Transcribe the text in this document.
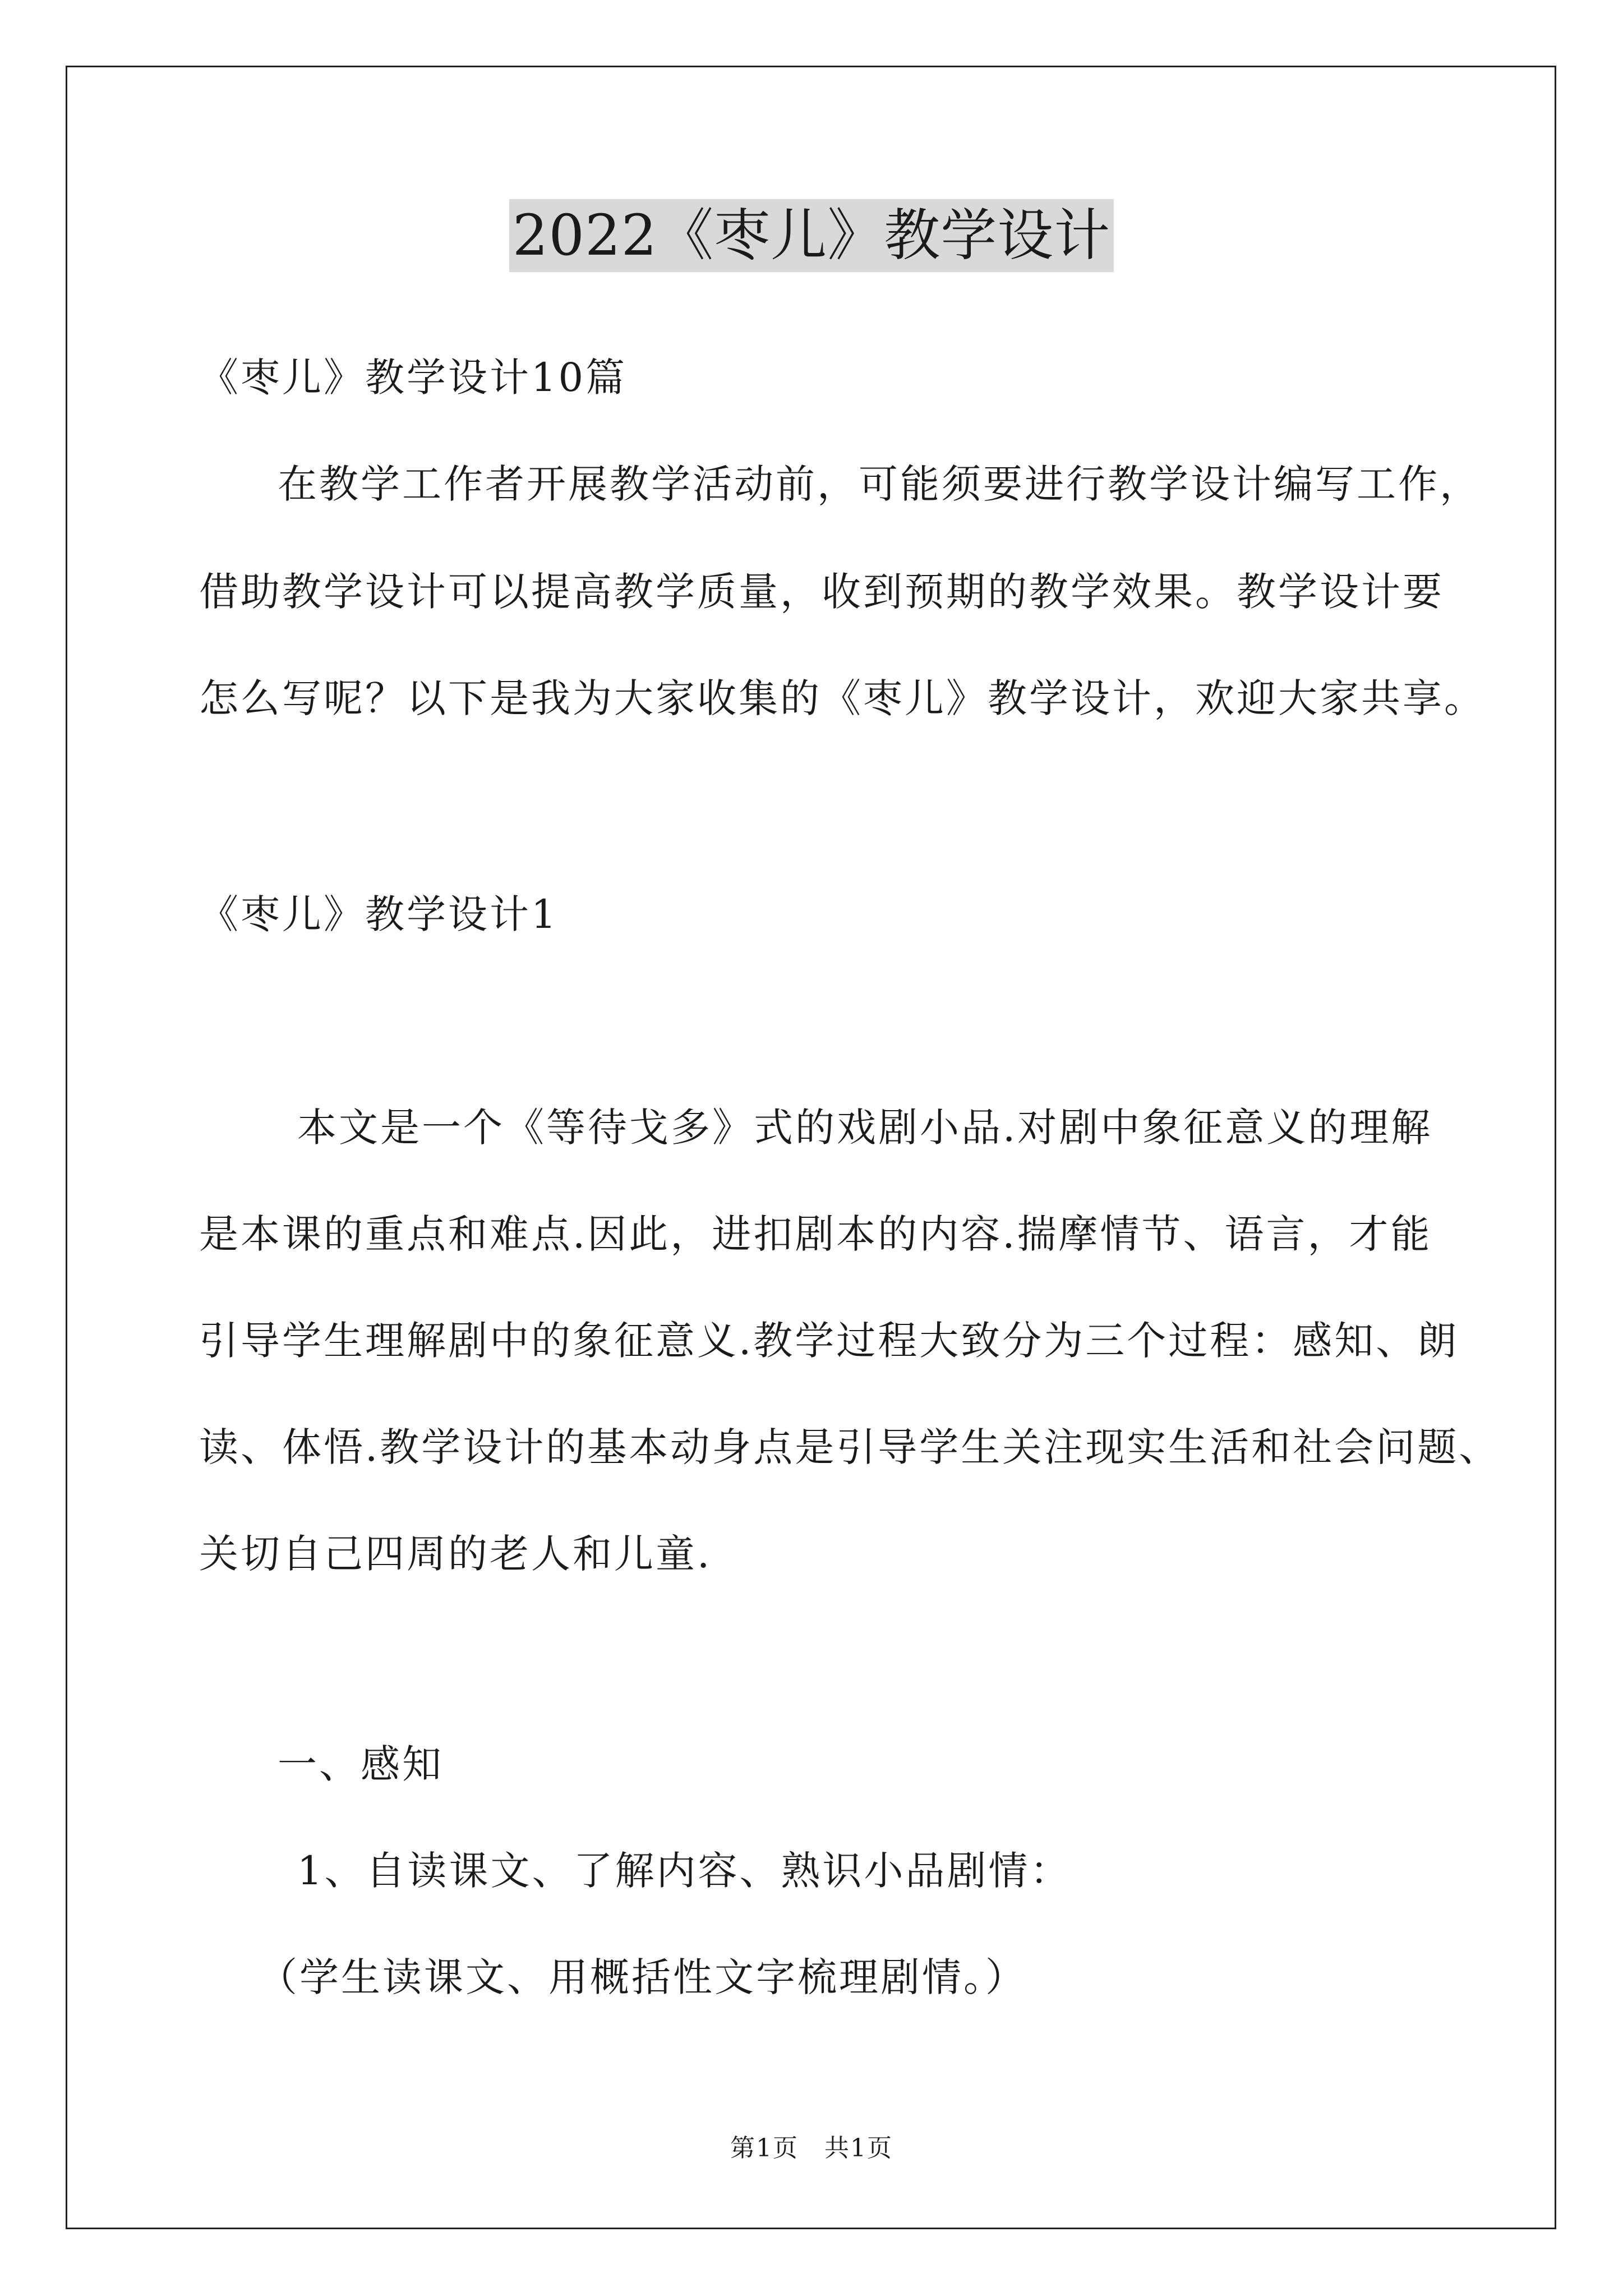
2022《枣儿》教学设计
《枣儿》教学设计10篇
在教学工作者开展教学活动前，可能须要进行教学设计编写工作，
借助教学设计可以提高教学质量，收到预期的教学效果。教学设计要
怎么写呢？以下是我为大家收集的《枣儿》教学设计，欢迎大家共享。
《枣儿》教学设计1
本文是一个《等待戈多》式的戏剧小品.对剧中象征意义的理解
是本课的重点和难点.因此，进扣剧本的内容.揣摩情节、语言，才能
引导学生理解剧中的象征意义.教学过程大致分为三个过程：感知、朗
读、体悟.教学设计的基本动身点是引导学生关注现实生活和社会问题、
关切自己四周的老人和儿童.
一、感知
1、自读课文、了解内容、熟识小品剧情：
（学生读课文、用概括性文字梳理剧情。）
第1页　共1页
